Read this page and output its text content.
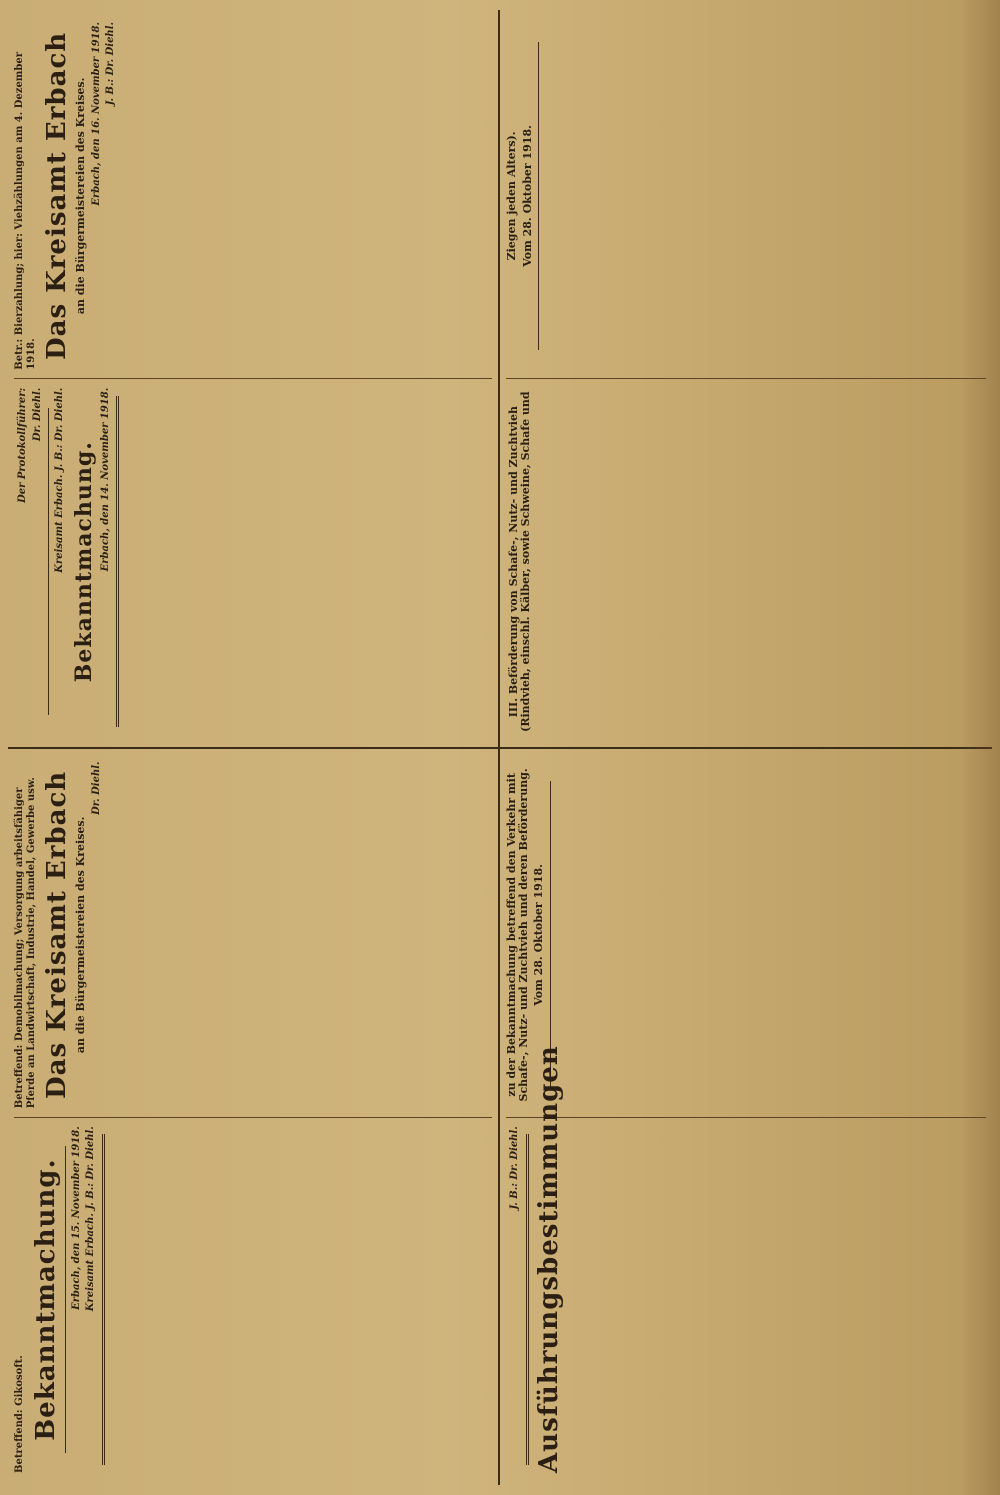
Betreffend: Gikosoft. Bekanntmachung. Erbach, den 15. November 1918. Kreisamt Erbach. J. B.: Dr. Diehl.
Betreffend: Demobilmachung; Versorgung arbeitsfähiger Pferde an Landwirtschaft, Industrie, Handel, Gewerbe usw. Das Kreisamt Erbach an die Bürgermeistereien des Kreises.
Dr. Diehl.
Der Protokollführer: Dr. Diehl. Kreisamt Erbach. J. B.: Dr. Diehl. Bekanntmachung. Erbach, den 14. November 1918.
Betr.: Bierzahlung; hier: Viehzählungen am 4. Dezember 1918. Das Kreisamt Erbach an die Bürgermeistereien des Kreises. Erbach, den 16. November 1918. J. B.: Dr. Diehl.
J. B.: Dr. Diehl. Ausführungsbestimmungen
zu der Bekanntmachung betreffend den Verkehr mit Schafe-, Nutz- und Zuchtvieh und deren Beförderung. Vom 28. Oktober 1918.
III. Beförderung von Schafe-, Nutz- und Zuchtvieh (Rindvieh, einschl. Kälber, sowie Schweine, Schafe und Ziegen jeden Alters). Vom 28. Oktober 1918.
